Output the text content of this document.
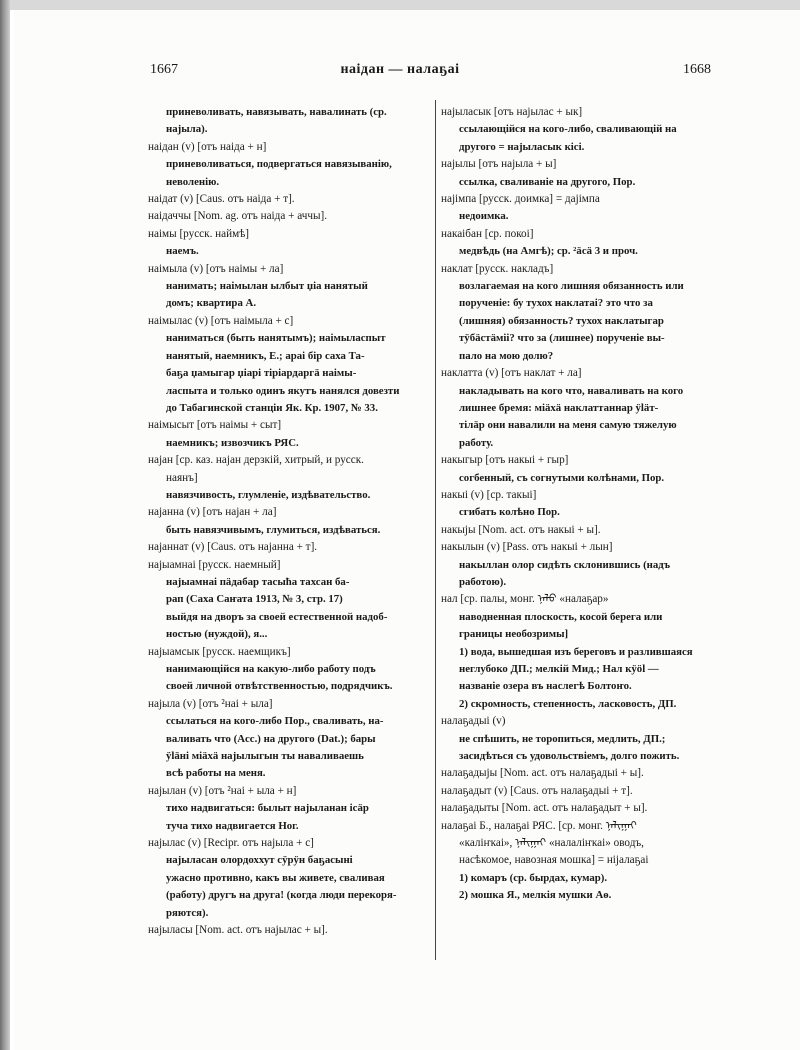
наідан — налаҕаі
1667	1668
приневоливать, навязывать, навалинать (ср.
најыла).
наідан (v) [отъ наіда + н]
приневоливаться, подвергаться навязыванію,
неволенію.
наідат (v) [Caus. отъ наіда + т].
наідаччы [Nom. ag. отъ наіда + аччы].
наімы [русск. наймѣ]
наемъ.
наімыла (v) [отъ наімы + ла]
нанимать; наімылан ылбыт џіа нанятый
домъ; квартира А.
наімылас (v) [отъ наімыла + с]
наниматься (быть нанятымъ); наімыласпыт
нанятый, наемникъ, Е.; араі бір саха Та-
баҕа џамыгар џіарі тіріардаргä наімы-
ласпыта и только одинъ якутъ нанялся довезти
до Табагинской станціи Як. Кр. 1907, № 33.
наімысыт [отъ наімы + сыт]
наемникъ; извозчикъ РЯС.
најан [ср. каз. најан дерзкій, хитрый, и русск.
наянъ]
навязчивость, глумленіе, издѣвательство.
најанна (v) [отъ најан + ла]
быть навязчивымъ, глумиться, издѣваться.
најаннат (v) [Caus. отъ најанна + т].
најыамнаі [русск. наемный]
најыамнаі пäдабар тасыћа тахсан ба-
рап (Саха Саҥата 1913, № 3, стр. 17)
выйдя на дворъ за своей естественной надоб-
ностью (нуждой), я...
најыамсык [русск. наемщикъ]
нанимающійся на какую-либо работу подъ
своей личной отвѣтственностью, подрядчикъ.
најыла (v) [отъ ²наі + ыла]
ссылаться на кого-либо Пор., сваливать, на-
валивать что (Acc.) на другого (Dat.); бары
ÿläні міäхä најылыгын ты наваливаешь
всѣ работы на меня.
најылан (v) [отъ ²наі + ыла + н]
тихо надвигаться: былыт најыланан ісäр
туча тихо надвигается Ног.
најылас (v) [Recipr. отъ најыла + с]
најыласан олордоххут сÿрÿн баҕасыні
ужасно противно, какъ вы живете, сваливая
(работу) другъ на друга! (когда люди перекоря-
ряются).
најыласы [Nom. act. отъ најылас + ы].
најыласык [отъ најылас + ык]
ссылающійся на кого-либо, сваливающій на
другого = најыласык кісі.
најылы [отъ најыла + ы]
ссылка, сваливаніе на другого, Пор.
најімпа [русск. доимка] = дајімпа
недоимка.
накаібан [ср. покоі]
медвѣдь (на Амгѣ); ср. ²äсä 3 и проч.
наклат [русск. накладъ]
возлагаемая на кого лишняя обязанность или
порученіе: бу тухох наклатаі? это что за
(лишняя) обязанность? тухох наклатыгар
тÿбäстäміі? что за (лишнее) порученіе вы-
пало на мою долю?
наклатта (v) [отъ наклат + ла]
накладывать на кого что, наваливать на кого
лишнее бремя: міäхä наклаттаннар ÿläт-
тілäр они навалили на меня самую тяжелую
работу.
накыгыр [отъ накыі + гыр]
согбенный, съ согнутыми колѣнами, Пор.
накыі (v) [ср. такыі]
сгибать колѣно Пор.
накыјы [Nom. act. отъ накыі + ы].
накылын (v) [Pass. отъ накыі + лын]
накыллан олор сидѣть склонившись (надъ
работою).
нал [ср. палы, монг. ᠨᠠᠯᠤ «налаҕар»
наводненная плоскость, косой берега или
границы необозримы]
1) вода, вышедшая изъ береговъ и разлившаяся
неглубоко ДП.; мелкій Мид.; Нал кÿöl —
названіе озера въ наслегѣ Болтоҥо.
2) скромность, степенность, ласковость, ДП.
налаҕадыі (v)
не спѣшить, не торопиться, медлить, ДП.;
засидѣться съ удовольствіемъ, долго пожить.
налаҕадыјы [Nom. act. отъ налаҕадыі + ы].
налаҕадыт (v) [Caus. отъ налаҕадыі + т].
налаҕадыты [Nom. act. отъ налаҕадыт + ы].
налаҕаі Б., налаҕаі РЯС. [ср. монг. ᠨᠠᠯᠢᠭᠠᠶ
«каліҥкаі», ᠨᠠᠯᠢᠭᠠᠶ «налаліҥкаі» оводъ,
насѣкомое, навозная мошка] = ніјалаҕаі
1) комаръ (ср. бырдах, кумар).
2) мошка Я., мелкія мушки Аө.
